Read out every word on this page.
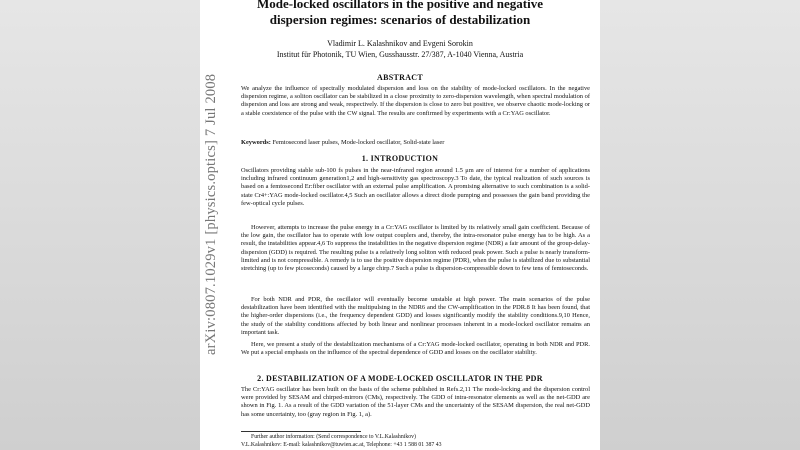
arXiv:0807.1029v1 [physics.optics] 7 Jul 2008
Mode-locked oscillators in the positive and negative
dispersion regimes: scenarios of destabilization
Vladimir L. Kalashnikov and Evgeni Sorokin
Institut für Photonik, TU Wien, Gusshausstr. 27/387, A-1040 Vienna, Austria
ABSTRACT

We analyze the influence of spectrally modulated dispersion and loss on the stability of mode-locked oscillators. In the negative dispersion regime, a soliton oscillator can be stabilized in a close proximity to zero-dispersion wavelength, when spectral modulation of dispersion and loss are strong and weak, respectively. If the dispersion is close to zero but positive, we observe chaotic mode-locking or a stable coexistence of the pulse with the CW signal. The results are confirmed by experiments with a Cr:YAG oscillator.

Keywords: Femtosecond laser pulses, Mode-locked oscillator, Solid-state laser
1. INTRODUCTION

Oscillators providing stable sub-100 fs pulses in the near-infrared region around 1.5 μm are of interest for a number of applications including infrared continuum generation1,2 and high-sensitivity gas spectroscopy.3 To date, the typical realization of such sources is based on a femtosecond Er:fiber oscillator with an external pulse amplification. A promising alternative to such combination is a solid-state Cr4+:YAG mode-locked oscillator.4,5 Such an oscillator allows a direct diode pumping and possesses the gain band providing the few-optical cycle pulses.

However, attempts to increase the pulse energy in a Cr:YAG oscillator is limited by its relatively small gain coefficient. Because of the low gain, the oscillator has to operate with low output couplers and, thereby, the intra-resonator pulse energy has to be high. As a result, the instabilities appear.4,6 To suppress the instabilities in the negative dispersion regime (NDR) a fair amount of the group-delay-dispersion (GDD) is required. The resulting pulse is a relatively long soliton with reduced peak power. Such a pulse is nearly transform-limited and is not compressible. A remedy is to use the positive dispersion regime (PDR), when the pulse is stabilized due to substantial stretching (up to few picoseconds) caused by a large chirp.7 Such a pulse is dispersion-compressible down to few tens of femtoseconds.

For both NDR and PDR, the oscillator will eventually become unstable at high power. The main scenarios of the pulse destabilization have been identified with the multipulsing in the NDR6 and the CW-amplification in the PDR.8 It has been found, that the higher-order dispersions (i.e., the frequency dependent GDD) and losses significantly modify the stability conditions.9,10 Hence, the study of the stability conditions affected by both linear and nonlinear processes inherent in a mode-locked oscillator remains an important task.

Here, we present a study of the destabilization mechanisms of a Cr:YAG mode-locked oscillator, operating in both NDR and PDR. We put a special emphasis on the influence of the spectral dependence of GDD and losses on the oscillator stability.

2. DESTABILIZATION OF A MODE-LOCKED OSCILLATOR IN THE PDR

The Cr:YAG oscillator has been built on the basis of the scheme published in Refs.2,11 The mode-locking and the dispersion control were provided by SESAM and chirped-mirrors (CMs), respectively. The GDD of intra-resonator elements as well as the net-GDD are shown in Fig. 1. As a result of the GDD variation of the 51-layer CMs and the uncertainty of the SESAM dispersion, the real net-GDD has some uncertainty, too (gray region in Fig. 1, a).

Further author information: (Send correspondence to V.L.Kalashnikov)
V.L.Kalashnikov: E-mail: kalashnikov@tuwien.ac.at, Telephone: +43 1 588 01 387 43
